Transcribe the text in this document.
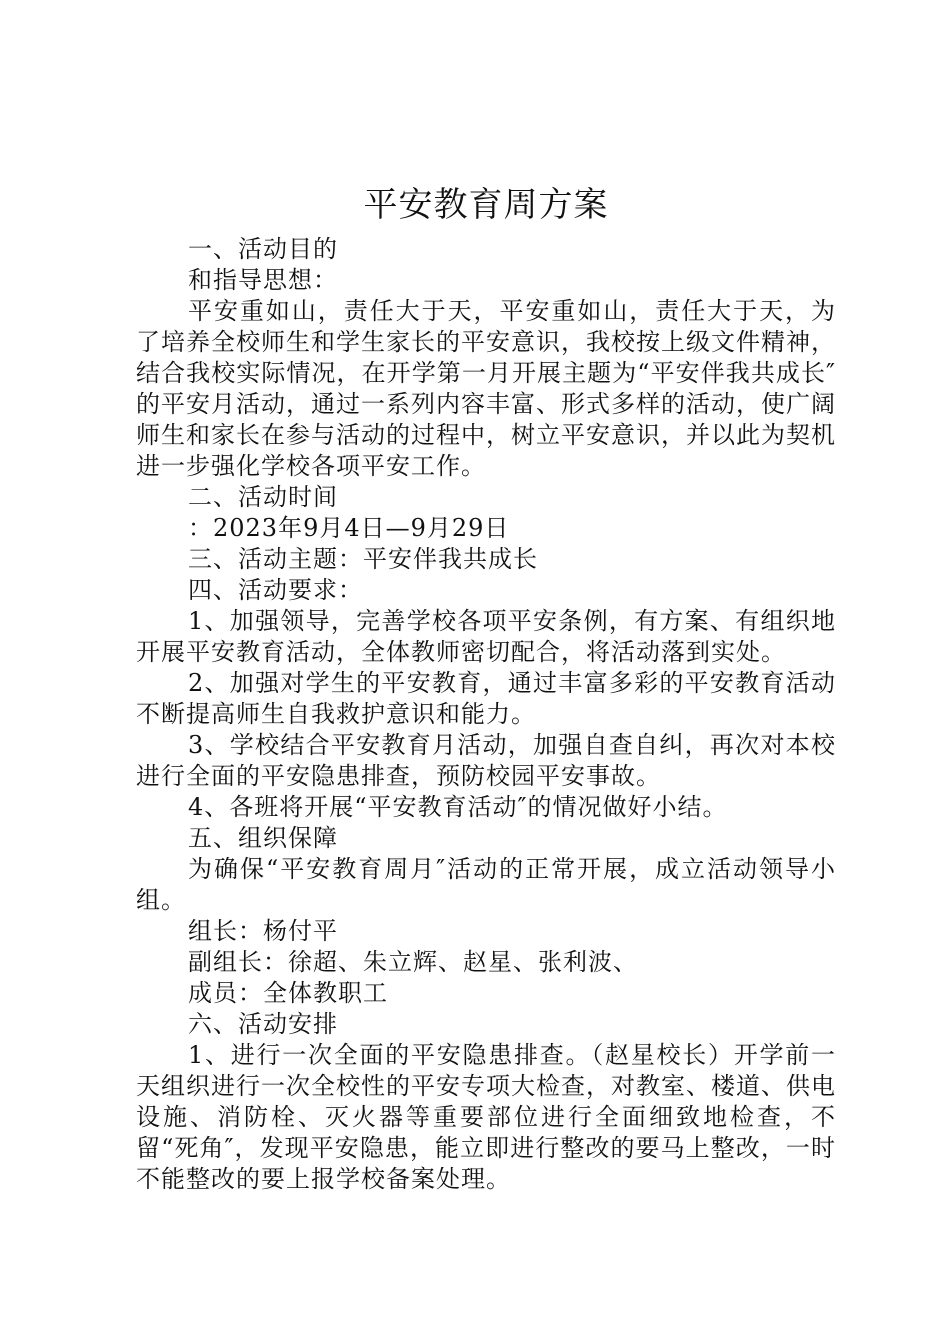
平安教育周方案
一、活动目的
和指导思想：

平安重如山，责任大于天，平安重如山，责任大于天，为了培养全校师生和学生家长的平安意识，我校按上级文件精神，结合我校实际情况，在开学第一月开展主题为“平安伴我共成长″的平安月活动，通过一系列内容丰富、形式多样的活动，使广阔师生和家长在参与活动的过程中，树立平安意识，并以此为契机进一步强化学校各项平安工作。

二、活动时间
：2023年9月4日—9月29日
三、活动主题：平安伴我共成长
四、活动要求：

1、加强领导，完善学校各项平安条例，有方案、有组织地开展平安教育活动，全体教师密切配合，将活动落到实处。

2、加强对学生的平安教育，通过丰富多彩的平安教育活动不断提高师生自我救护意识和能力。

3、学校结合平安教育月活动，加强自查自纠，再次对本校进行全面的平安隐患排查，预防校园平安事故。

4、各班将开展“平安教育活动″的情况做好小结。
五、组织保障

为确保“平安教育周月″活动的正常开展，成立活动领导小组。

组长：杨付平
副组长：徐超、朱立辉、赵星、张利波、
成员：全体教职工
六、活动安排

1、进行一次全面的平安隐患排查。（赵星校长）开学前一天组织进行一次全校性的平安专项大检查，对教室、楼道、供电设施、消防栓、灭火器等重要部位进行全面细致地检查，不留“死角″，发现平安隐患，能立即进行整改的要马上整改，一时不能整改的要上报学校备案处理。
